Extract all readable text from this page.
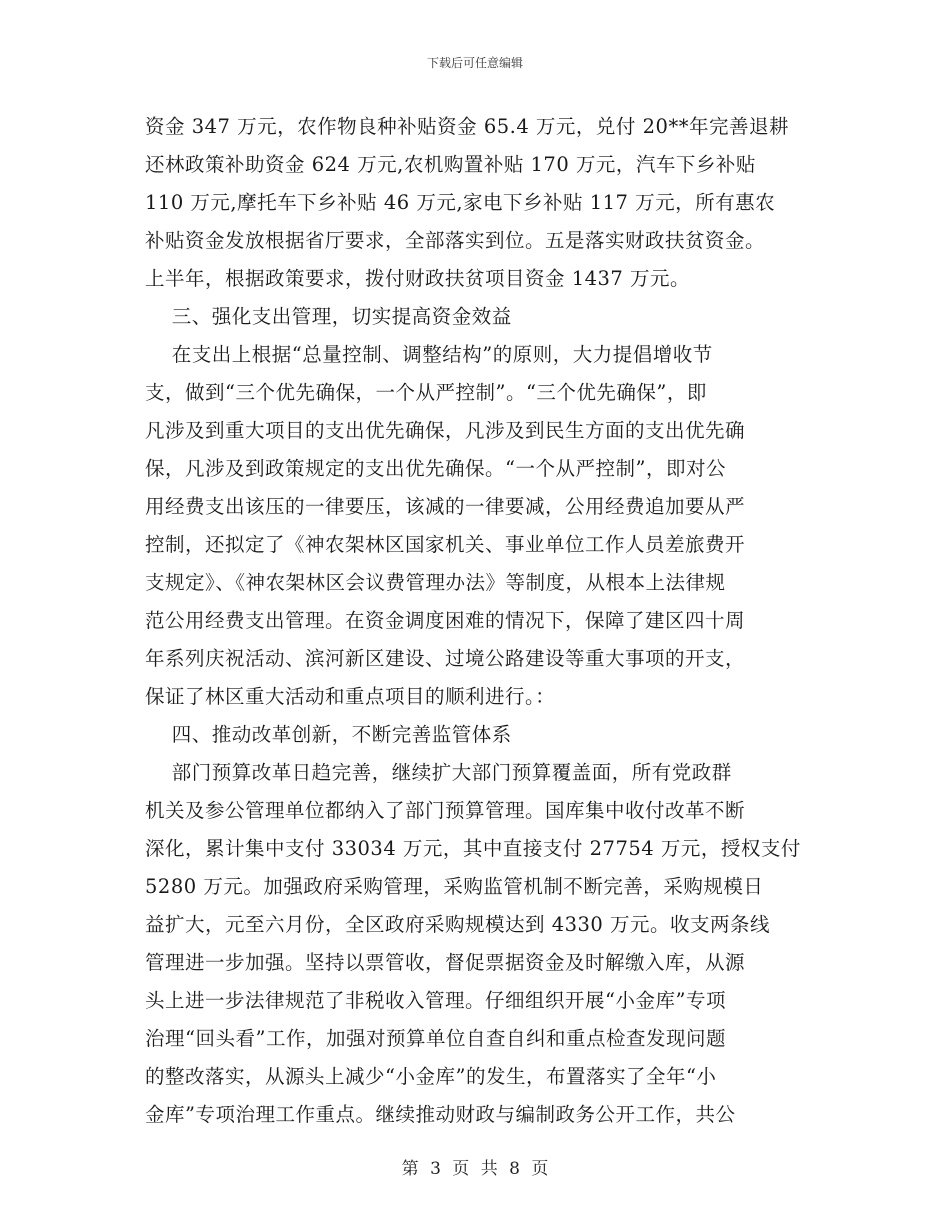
下载后可任意编辑
资金 347 万元，农作物良种补贴资金 65.4 万元，兑付 20**年完善退耕
还林政策补助资金 624 万元,农机购置补贴 170 万元，汽车下乡补贴
110 万元,摩托车下乡补贴 46 万元,家电下乡补贴 117 万元，所有惠农
补贴资金发放根据省厅要求，全部落实到位。五是落实财政扶贫资金。
上半年，根据政策要求，拨付财政扶贫项目资金 1437 万元。
三、强化支出管理，切实提高资金效益
在支出上根据“总量控制、调整结构”的原则，大力提倡增收节
支，做到“三个优先确保，一个从严控制”。“三个优先确保”，即
凡涉及到重大项目的支出优先确保，凡涉及到民生方面的支出优先确
保，凡涉及到政策规定的支出优先确保。“一个从严控制”，即对公
用经费支出该压的一律要压，该减的一律要减，公用经费追加要从严
控制，还拟定了《神农架林区国家机关、事业单位工作人员差旅费开
支规定》、《神农架林区会议费管理办法》等制度，从根本上法律规
范公用经费支出管理。在资金调度困难的情况下，保障了建区四十周
年系列庆祝活动、滨河新区建设、过境公路建设等重大事项的开支，
保证了林区重大活动和重点项目的顺利进行。：
四、推动改革创新，不断完善监管体系
部门预算改革日趋完善，继续扩大部门预算覆盖面，所有党政群
机关及参公管理单位都纳入了部门预算管理。国库集中收付改革不断
深化，累计集中支付 33034 万元，其中直接支付 27754 万元，授权支付
5280 万元。加强政府采购管理，采购监管机制不断完善，采购规模日
益扩大，元至六月份，全区政府采购规模达到 4330 万元。收支两条线
管理进一步加强。坚持以票管收，督促票据资金及时解缴入库，从源
头上进一步法律规范了非税收入管理。仔细组织开展“小金库”专项
治理“回头看”工作，加强对预算单位自查自纠和重点检查发现问题
的整改落实，从源头上减少“小金库”的发生，布置落实了全年“小
金库”专项治理工作重点。继续推动财政与编制政务公开工作，共公
第 3 页 共 8 页
